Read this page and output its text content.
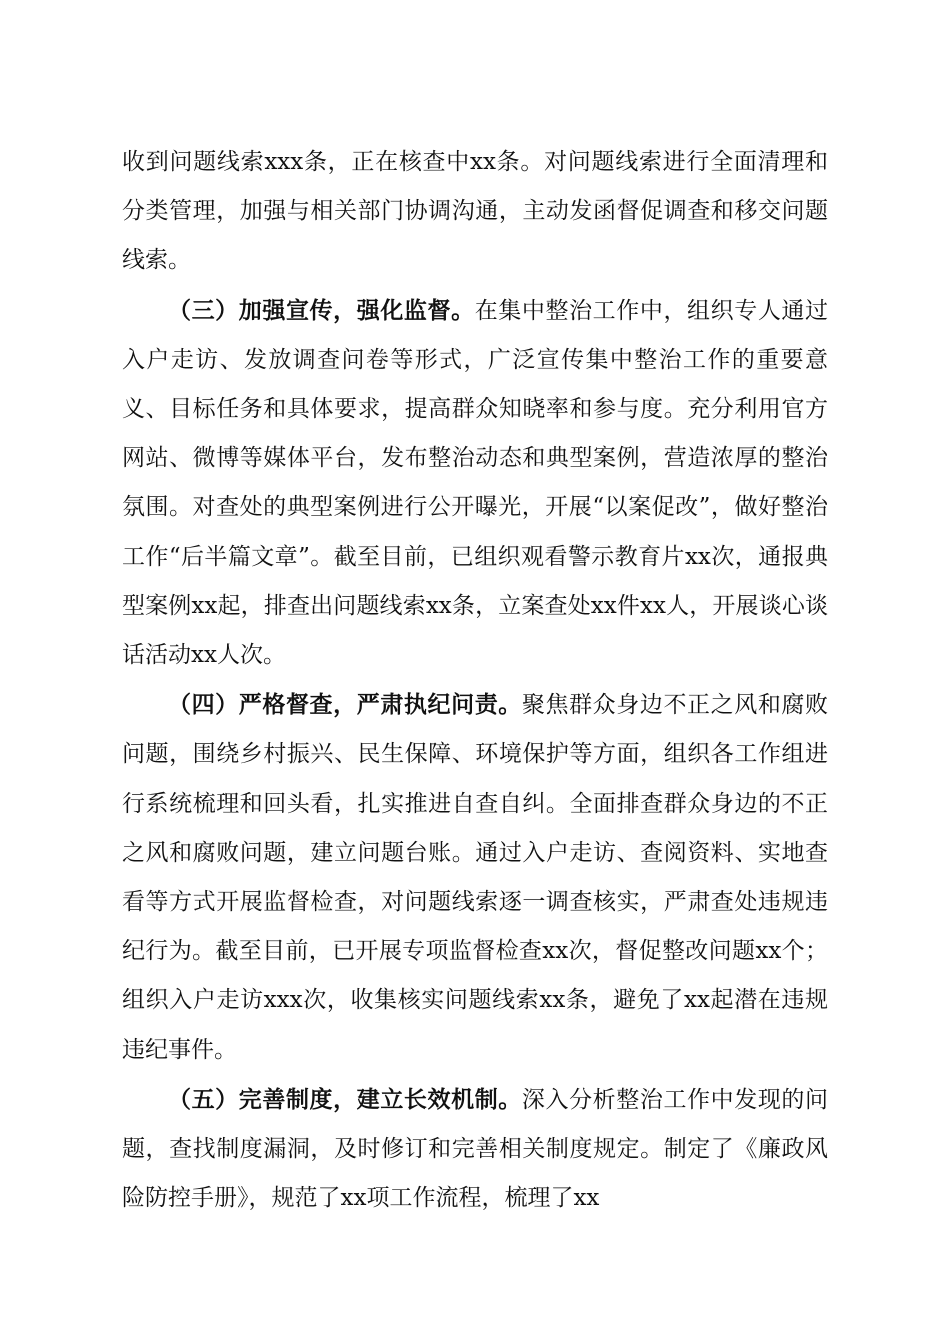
收到问题线索xxx条，正在核查中xx条。对问题线索进行全面清理和分类管理，加强与相关部门协调沟通，主动发函督促调查和移交问题线索。

（三）加强宣传，强化监督。在集中整治工作中，组织专人通过入户走访、发放调查问卷等形式，广泛宣传集中整治工作的重要意义、目标任务和具体要求，提高群众知晓率和参与度。充分利用官方网站、微博等媒体平台，发布整治动态和典型案例，营造浓厚的整治氛围。对查处的典型案例进行公开曝光，开展“以案促改”，做好整治工作“后半篇文章”。截至目前，已组织观看警示教育片xx次，通报典型案例xx起，排查出问题线索xx条，立案查处xx件xx人，开展谈心谈话活动xx人次。

（四）严格督查，严肃执纪问责。聚焦群众身边不正之风和腐败问题，围绕乡村振兴、民生保障、环境保护等方面，组织各工作组进行系统梳理和回头看，扎实推进自查自纠。全面排查群众身边的不正之风和腐败问题，建立问题台账。通过入户走访、查阅资料、实地查看等方式开展监督检查，对问题线索逐一调查核实，严肃查处违规违纪行为。截至目前，已开展专项监督检查xx次，督促整改问题xx个；组织入户走访xxx次，收集核实问题线索xx条，避免了xx起潜在违规违纪事件。

（五）完善制度，建立长效机制。深入分析整治工作中发现的问题，查找制度漏洞，及时修订和完善相关制度规定。制定了《廉政风险防控手册》，规范了xx项工作流程，梳理了xx
